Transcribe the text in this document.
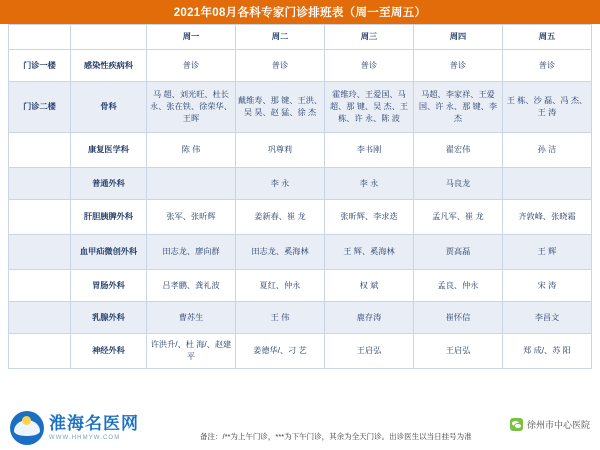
2021年08月各科专家门诊排班表（周一至周五）
		周一	周二	周三	周四	周五
门诊一楼	感染性疾病科	普诊	普诊	普诊	普诊	普诊
门诊二楼	骨科	马 超、刘光旺、杜长永、张在铁、徐荣华、王晖	戴维寿、那 键、王洪、吴 昊、赵 猛、徐 杰	霍维玲、王爱国、马 超、那 键、吴 杰、王 栋、许 永、陈 波	马超、李家祥、王爱国、许 永、那 键、李 杰	王 栋、沙 磊、冯 杰、王 涛
	康复医学科	陈 伟	巩尊莉	李书刚	翟宏伟	孙 洁
	普通外科		李 永	李 永	马良龙	
	肝胆胰脾外科	张军、张昕辉	姜新春、崔 龙	张昕辉、李求迭	孟凡军、崔 龙	齐敦峰、张晓霜
	血甲疝微创外科	田志龙、廖向群	田志龙、奚海林	王 辉、奚海林	贾高磊	王 辉
	胃肠外科	吕孝鹏、龚礼波	夏红、仲永	权 斌	孟良、仲永	宋 涛
	乳腺外科	曹苏生	王 伟	鹿存涛	崔怀信	李昌文
	神经外科	许洪升/、杜 海/、赵建平	姜德华/、刁 艺	王启弘	王启弘	郑 成/、苏 阳
备注：/**为上午门诊，***为下午门诊，其余为全天门诊。出诊医生以当日挂号为准
淮海名医网
WWW.HHMYW.COM
徐州市中心医院
